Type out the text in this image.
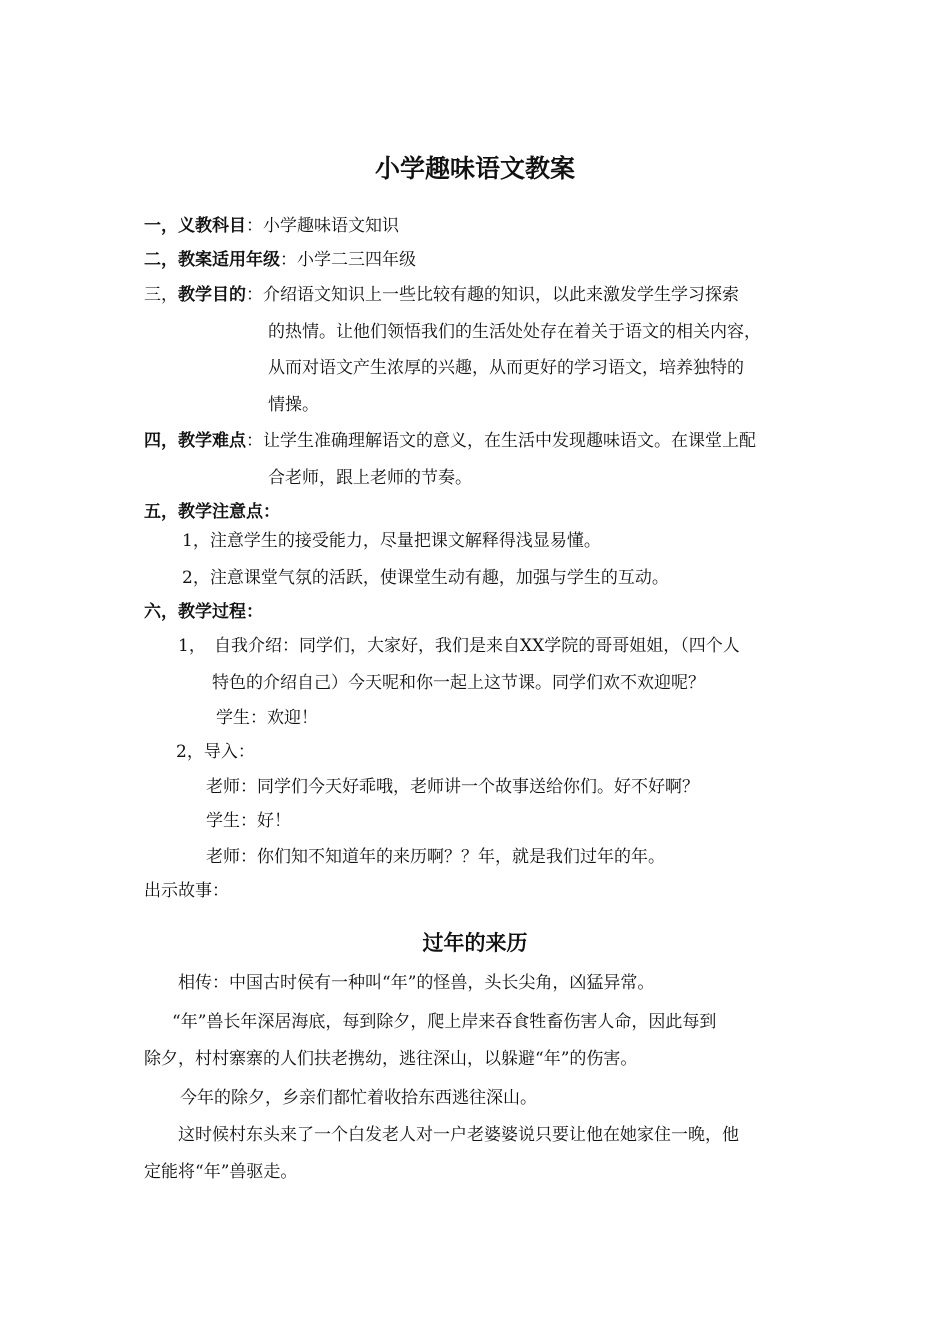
小学趣味语文教案
一，义教科目：小学趣味语文知识
二，教案适用年级：小学二三四年级
三，教学目的：介绍语文知识上一些比较有趣的知识，以此来激发学生学习探索
的热情。让他们领悟我们的生活处处存在着关于语文的相关内容，
从而对语文产生浓厚的兴趣，从而更好的学习语文，培养独特的
情操。
四，教学难点：让学生准确理解语文的意义，在生活中发现趣味语文。在课堂上配
合老师，跟上老师的节奏。
五，教学注意点：
1，注意学生的接受能力，尽量把课文解释得浅显易懂。
2，注意课堂气氛的活跃，使课堂生动有趣，加强与学生的互动。
六，教学过程：
1， 自我介绍：同学们，大家好，我们是来自XX学院的哥哥姐姐，（四个人
特色的介绍自己）今天呢和你一起上这节课。同学们欢不欢迎呢？
学生：欢迎！
2，导入：
老师：同学们今天好乖哦，老师讲一个故事送给你们。好不好啊？
学生：好！
老师：你们知不知道年的来历啊？？年，就是我们过年的年。
出示故事：
过年的来历
相传：中国古时侯有一种叫“年”的怪兽，头长尖角，凶猛异常。
“年”兽长年深居海底，每到除夕，爬上岸来吞食牲畜伤害人命，因此每到
除夕，村村寨寨的人们扶老携幼，逃往深山，以躲避“年”的伤害。
今年的除夕，乡亲们都忙着收拾东西逃往深山。
这时候村东头来了一个白发老人对一户老婆婆说只要让他在她家住一晚，他
定能将“年”兽驱走。
